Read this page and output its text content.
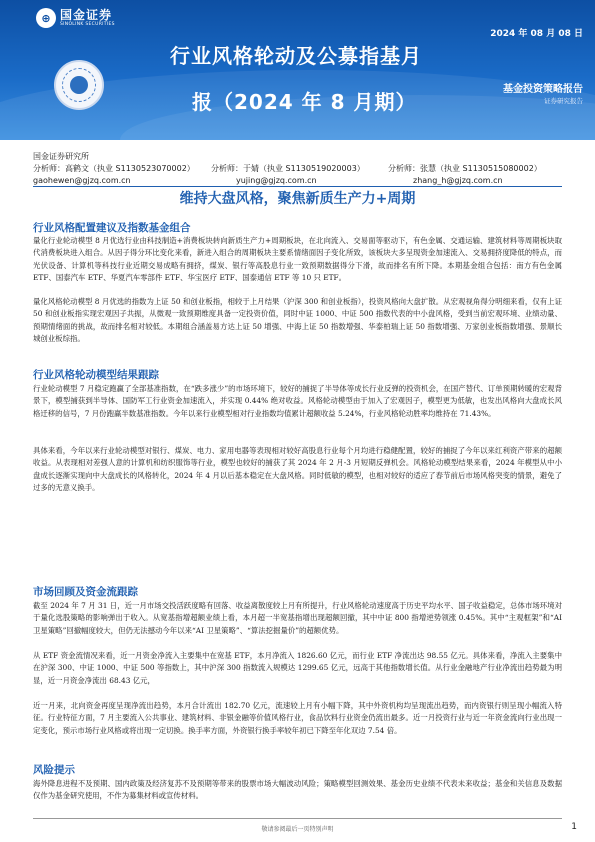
⊕ 国金证券
SINOLINK SECURITIES
2024 年 08 月 08 日
行业风格轮动及公募指基月
报（2024 年 8 月期）
基金投资策略报告
证券研究报告
国金证券研究所
分析师：高鹤文（执业 S1130523070002） 分析师：于婧（执业 S1130519020003）	分析师：张慧（执业 S1130515080002）
gaohewen@gjzq.com.cn	yujing@gjzq.com.cn	zhang_h@gjzq.com.cn
维持大盘风格，聚焦新质生产力+周期
行业风格配置建议及指数基金组合
量化行业轮动模型 8 月优选行业由科技制造+消费板块转向新质生产力+周期板块，在北向流入、交易面等驱动下，有色金属、交通运输、建筑材料等周期板块取代消费板块进入组合。从因子得分环比变化来看，新进入组合的周期板块主要系情绪面因子变化所致，该板块大多呈现资金加速流入、交易拥挤度降低的特点，而光伏设备、计算机等科技行业近期交易成略有拥挤，煤炭、银行等高股息行业一致预期数据得分下滑，故而排名有所下降。本期基金组合包括：南方有色金属 ETF、国泰汽车 ETF、华夏汽车零部件 ETF、华宝医疗 ETF、国泰通信 ETF 等 10 只 ETF。
量化风格轮动模型 8 月优选的指数为上证 50 和创业板指，相较于上月结果（沪深 300 和创业板指），投资风格向大盘扩散。从宏观视角得分明细来看，仅有上证 50 和创业板指实现宏观因子共振，从微观一致预期维度具备一定投资价值，同时中证 1000、中证 500 指数代表的中小盘风格，受到当前宏观环境、业绩动量、预期情绪面的挑战，故而排名相对较低。本期组合涵盖易方达上证 50 增强、中海上证 50 指数增强、华泰柏瑞上证 50 指数增强、万家创业板指数增强、景顺长城创业板综指。
行业风格轮动模型结果跟踪
行业轮动模型 7 月稳定跑赢了全部基准指数，在“跌多涨少”的市场环境下，较好的捕捉了半导体等成长行业反弹的投资机会，在国产替代、订单预期转暖的宏观背景下，模型捕获到半导体、国防军工行业资金加速流入，并实现 0.44% 绝对收益。风格轮动模型由于加入了宏观因子，模型更为低敏，也发出风格向大盘成长风格迁移的信号，7 月份跑赢半数基准指数。今年以来行业模型相对行业指数均值累计超额收益 5.24%，行业风格轮动胜率均维持在 71.43%。
具体来看，今年以来行业轮动模型对银行、煤炭、电力、家用电器等表现相对较好高股息行业每个月均进行稳健配置，较好的捕捉了今年以来红利资产带来的超额收益。从表现相对差强人意的计算机和纺织服饰等行业，模型也较好的捕获了其 2024 年 2 月-3 月短期反弹机会。风格轮动模型结果来看，2024 年模型从中小盘成长逐渐实现向中大盘成长的风格转化，2024 年 4 月以后基本稳定在大盘风格。同时低敏的模型，也相对较好的适应了春节前后市场风格突变的情景，避免了过多的无意义换手。
市场回顾及资金流跟踪
截至 2024 年 7 月 31 日，近一月市场交投活跃度略有回落、收益离散度较上月有所提升，行业风格轮动速度高于历史平均水平、国子收益稳定，总体市场环境对于量化选股策略的影响弹出于收入。从宽基指增超额业绩上看，本月超一半宽基指增出现超额回撤，其中中证 800 指增逆势领涨 0.45%。其中“主观框架”和“AI 卫星策略”回撤幅度较大，但仍无法撼动今年以来“AI 卫星策略”、“算法挖掘量价”的超额优势。
从 ETF 资金流情况来看，近一月资金净流入主要集中在宽基 ETF，本月净流入 1826.60 亿元，而行业 ETF 净流出达 98.55 亿元。具体来看，净流入主要集中在沪深 300、中证 1000、中证 500 等指数上，其中沪深 300 指数流入规模达 1299.65 亿元，远高于其他指数增长值。从行业金融地产行业净流出趋势最为明显，近一月资金净流出 68.43 亿元，
近一月来，北向资金再度呈现净流出趋势，本月合计流出 182.70 亿元，流速较上月有小幅下降，其中外资机构均呈现流出趋势，而内资银行则呈现小幅流入特征。行业特征方面，7 月主要流入公共事业、建筑材料、非银金融等价值风格行业，食品饮料行业资金仍流出最多。近一月投资行业与近一年资金流向行业出现一定变化，预示市场行业风格或将出现一定切换。换手率方面，外资银行换手率较年初已下降至年化双边 7.54 倍。
风险提示
海外降息进程不及预期、国内政策及经济复苏不及预期等带来的股票市场大幅波动风险；策略模型回测效果、基金历史业绩不代表未来收益；基金和关信息及数据仅作为基金研究使用，不作为募集材料或宣传材料。
敬请参阅最后一页特别声明	1
